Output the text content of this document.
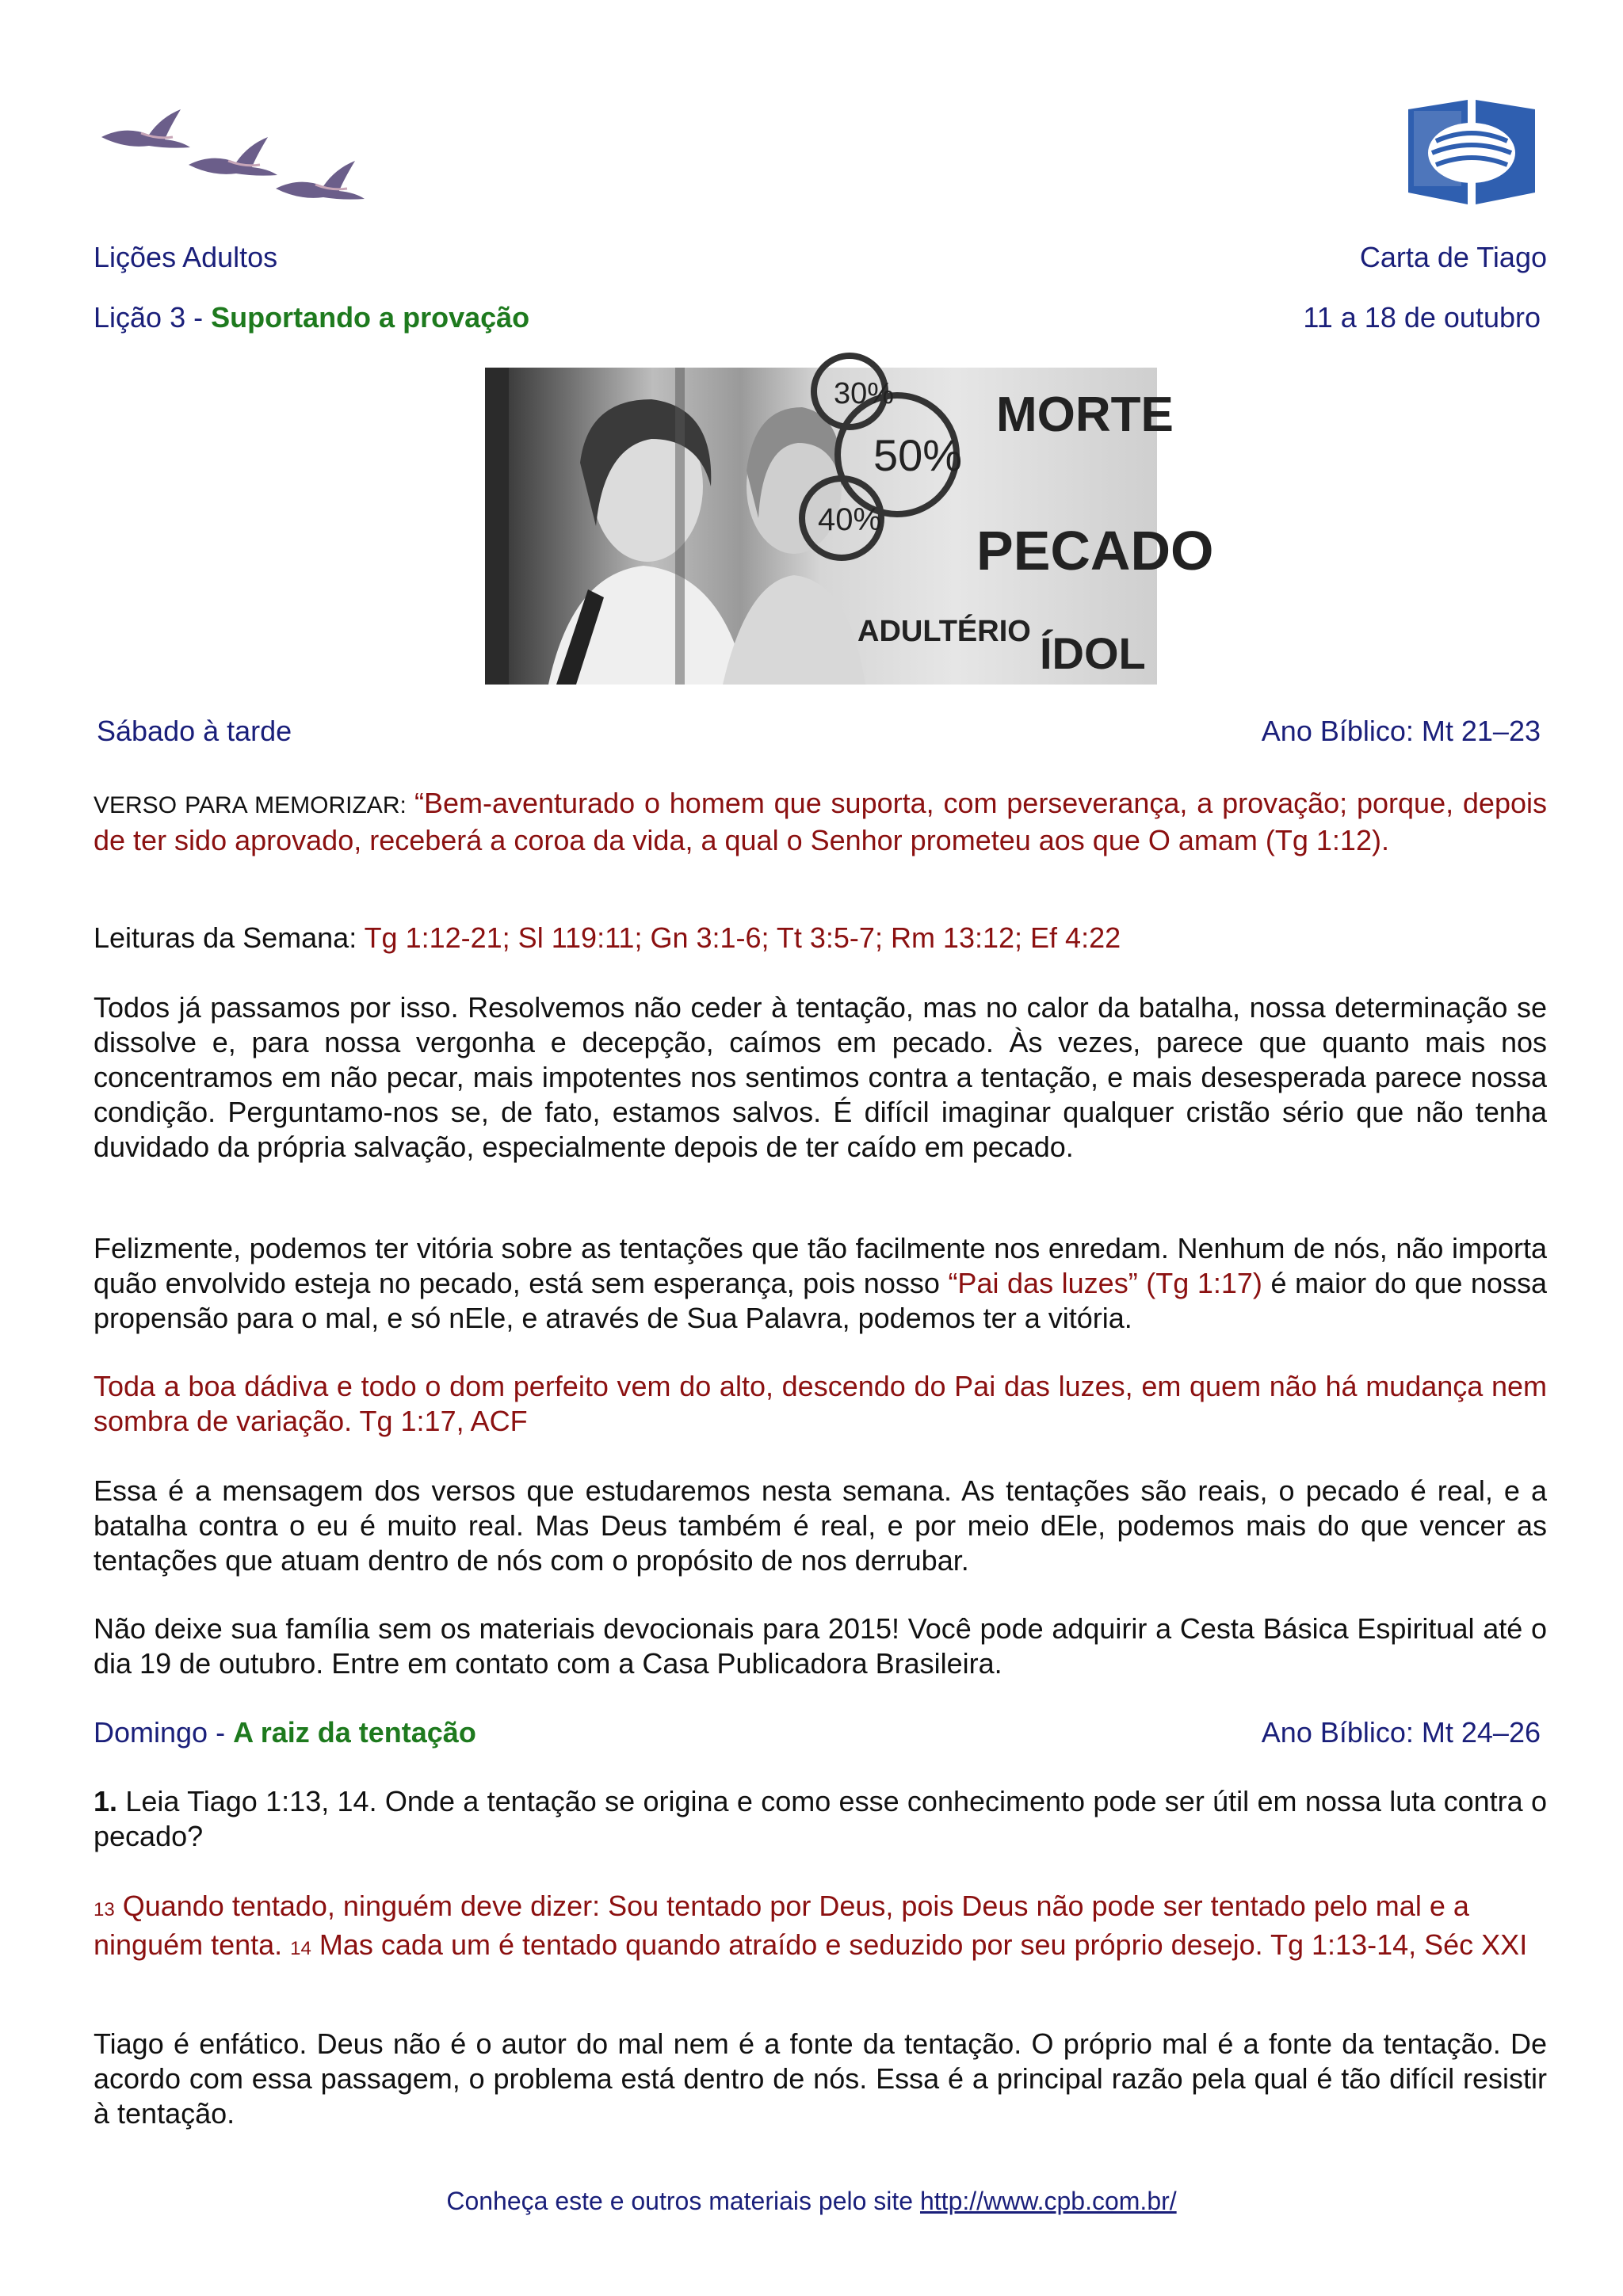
Lições Adultos	Carta de Tiago
Lição 3 - Suportando a provação	11 a 18 de outubro
30%
50%
40%
MORTE
PECADO
ADULTÉRIO ÍDOL
Sábado à tarde	Ano Bíblico: Mt 21–23
VERSO PARA MEMORIZAR: “Bem-aventurado o homem que suporta, com perseverança, a provação; porque, depois de ter sido aprovado, receberá a coroa da vida, a qual o Senhor prometeu aos que O amam (Tg 1:12).
Leituras da Semana: Tg 1:12-21; Sl 119:11; Gn 3:1-6; Tt 3:5-7; Rm 13:12; Ef 4:22
Todos já passamos por isso. Resolvemos não ceder à tentação, mas no calor da batalha, nossa determinação se dissolve e, para nossa vergonha e decepção, caímos em pecado. Às vezes, parece que quanto mais nos concentramos em não pecar, mais impotentes nos sentimos contra a tentação, e mais desesperada parece nossa condição. Perguntamo-nos se, de fato, estamos salvos. É difícil imaginar qualquer cristão sério que não tenha duvidado da própria salvação, especialmente depois de ter caído em pecado.
Felizmente, podemos ter vitória sobre as tentações que tão facilmente nos enredam. Nenhum de nós, não importa quão envolvido esteja no pecado, está sem esperança, pois nosso “Pai das luzes” (Tg 1:17) é maior do que nossa propensão para o mal, e só nEle, e através de Sua Palavra, podemos ter a vitória.
Toda a boa dádiva e todo o dom perfeito vem do alto, descendo do Pai das luzes, em quem não há mudança nem sombra de variação. Tg 1:17, ACF
Essa é a mensagem dos versos que estudaremos nesta semana. As tentações são reais, o pecado é real, e a batalha contra o eu é muito real. Mas Deus também é real, e por meio dEle, podemos mais do que vencer as tentações que atuam dentro de nós com o propósito de nos derrubar.
Não deixe sua família sem os materiais devocionais para 2015! Você pode adquirir a Cesta Básica Espiritual até o dia 19 de outubro. Entre em contato com a Casa Publicadora Brasileira.
Domingo - A raiz da tentação	Ano Bíblico: Mt 24–26
1. Leia Tiago 1:13, 14. Onde a tentação se origina e como esse conhecimento pode ser útil em nossa luta contra o pecado?
13 Quando tentado, ninguém deve dizer: Sou tentado por Deus, pois Deus não pode ser tentado pelo mal e a ninguém tenta. 14 Mas cada um é tentado quando atraído e seduzido por seu próprio desejo. Tg 1:13-14, Séc XXI
Tiago é enfático. Deus não é o autor do mal nem é a fonte da tentação. O próprio mal é a fonte da tentação. De acordo com essa passagem, o problema está dentro de nós. Essa é a principal razão pela qual é tão difícil resistir à tentação.
Conheça este e outros materiais pelo site http://www.cpb.com.br/
